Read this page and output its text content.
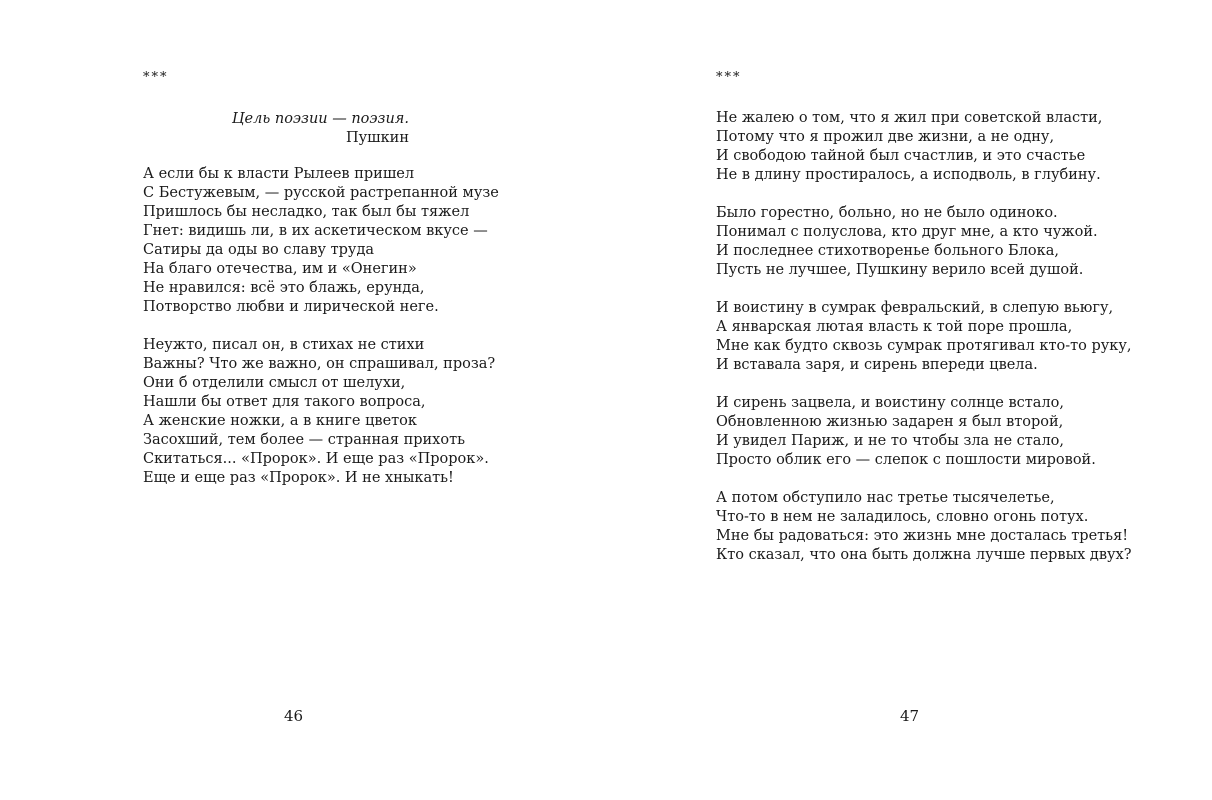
***
Цель поэзии — поэзия.
Пушкин
А если бы к власти Рылеев пришел
С Бестужевым, — русской растрепанной музе
Пришлось бы несладко, так был бы тяжел
Гнет: видишь ли, в их аскетическом вкусе —
Сатиры да оды во славу труда
На благо отечества, им и «Онегин»
Не нравился: всё это блажь, ерунда,
Потворство любви и лирической неге.
Неужто, писал он, в стихах не стихи
Важны? Что же важно, он спрашивал, проза?
Они б отделили смысл от шелухи,
Нашли бы ответ для такого вопроса,
А женские ножки, а в книге цветок
Засохший, тем более — странная прихоть
Скитаться... «Пророк». И еще раз «Пророк».
Еще и еще раз «Пророк». И не хныкать!
46
***
Не жалею о том, что я жил при советской власти,
Потому что я прожил две жизни, а не одну,
И свободою тайной был счастлив, и это счастье
Не в длину простиралось, а исподволь, в глубину.
Было горестно, больно, но не было одиноко.
Понимал с полуслова, кто друг мне, а кто чужой.
И последнее стихотворенье больного Блока,
Пусть не лучшее, Пушкину верило всей душой.
И воистину в сумрак февральский, в слепую вьюгу,
А январская лютая власть к той поре прошла,
Мне как будто сквозь сумрак протягивал кто-то руку,
И вставала заря, и сирень впереди цвела.
И сирень зацвела, и воистину солнце встало,
Обновленною жизнью задарен я был второй,
И увидел Париж, и не то чтобы зла не стало,
Просто облик его — слепок с пошлости мировой.
А потом обступило нас третье тысячелетье,
Что-то в нем не заладилось, словно огонь потух.
Мне бы радоваться: это жизнь мне досталась третья!
Кто сказал, что она быть должна лучше первых двух?
47
